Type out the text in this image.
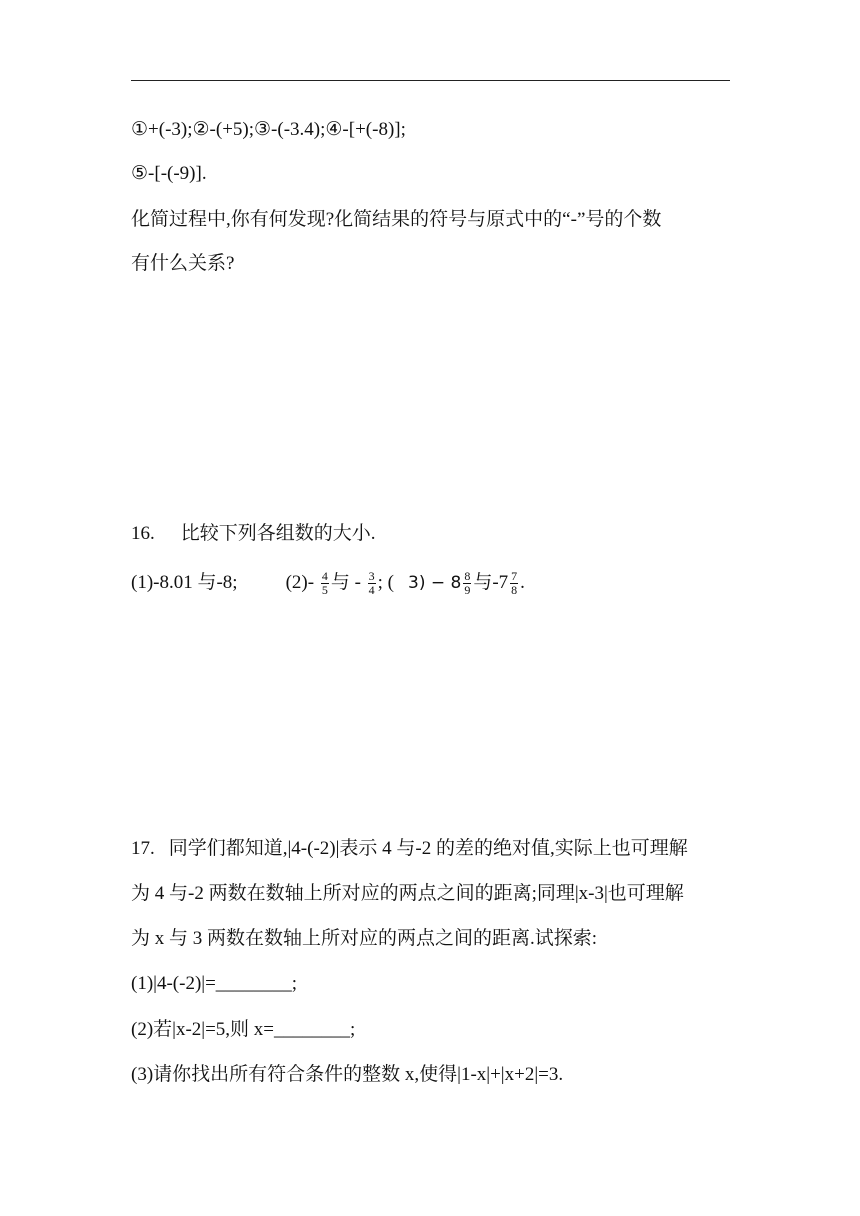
①+(-3);②-(+5);③-(-3.4);④-[+(-8)];
⑤-[-(-9)].
化简过程中,你有何发现?化简结果的符号与原式中的“-”号的个数
有什么关系?
16. 比较下列各组数的大小.
(1)-8.01 与-8;	$(2)- \frac{4}{5}$ 与 - $\frac{3}{4}$ ; ( $3) - 8 \frac{8}{9}$ 与$-7 \frac{7}{8}$ .
17. 同学们都知道,|4-(-2)|表示 4 与-2 的差的绝对值,实际上也可理解
为 4 与-2 两数在数轴上所对应的两点之间的距离;同理|x-3|也可理解
为 x 与 3 两数在数轴上所对应的两点之间的距离.试探索:
(1)|4-(-2)|=________;
(2)若|x-2|=5,则 x=________;
(3)请你找出所有符合条件的整数 x,使得|1-x|+|x+2|=3.
